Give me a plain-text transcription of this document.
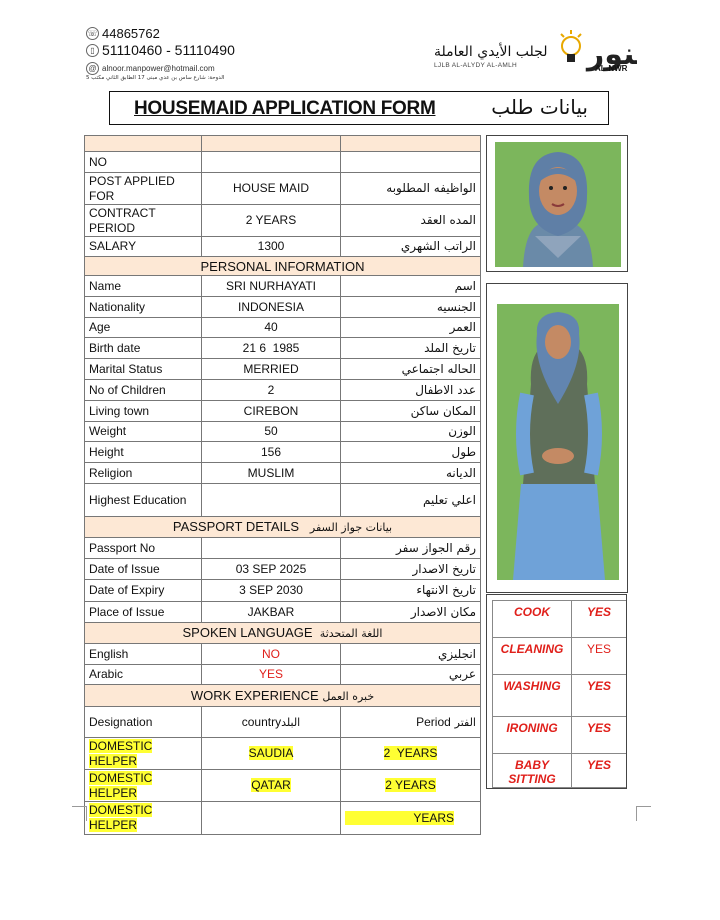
☏ 44865762
▯ 51110460 - 51110490
@ alnoor.manpower@hotmail.com
الدوحة: شارع ساس بن عدي مبنى 17 الطابق الثاني مكتب 5
لجلب الأيدي العاملة
LJLB AL-ALYDY AL-AMLH	نور
AL-NWR
HOUSEMAID APPLICATION FORM	بيانات طلب

NO		
POST APPLIED FOR	HOUSE MAID	الواظيفه المطلوبه
CONTRACT PERIOD	2 YEARS	المده العقد
SALARY	1300	الراتب الشهري
PERSONAL INFORMATION		
Name	SRI NURHAYATI	اسم
Nationality	INDONESIA	الجنسيه
Age	40	العمر
Birth date	21 6  1985	تاريخ الملد
Marital Status	MERRIED	الحاله اجتماعي
No of Children	2	عدد الاطفال
Living town	CIREBON	المكان ساكن
Weight	50	الوزن
Height	156	طول
Religion	MUSLIM	الديانه
Highest Education		اعلي تعليم
PASSPORT DETAILS بيانات جواز السفر		
Passport No		رقم الجواز سفر
Date of Issue	03 SEP 2025	تاريخ الاصدار
Date of Expiry	3 SEP 2030	تاريخ الانتهاء
Place of Issue	JAKBAR	مكان الاصدار
SPOKEN LANGUAGE اللغة المتحدثة		
English	NO	انجليزي
Arabic	YES	عربي
WORK EXPERIENCE خبره العمل		
Designation	countryالبلد	الفتر Period
DOMESTIC HELPER	SAUDIA	2  YEARS
DOMESTIC HELPER	QATAR	2 YEARS
DOMESTIC HELPER		YEARS
COOK	YES
CLEANING	YES
WASHING	YES
IRONING	YES
BABY SITTING	YES
